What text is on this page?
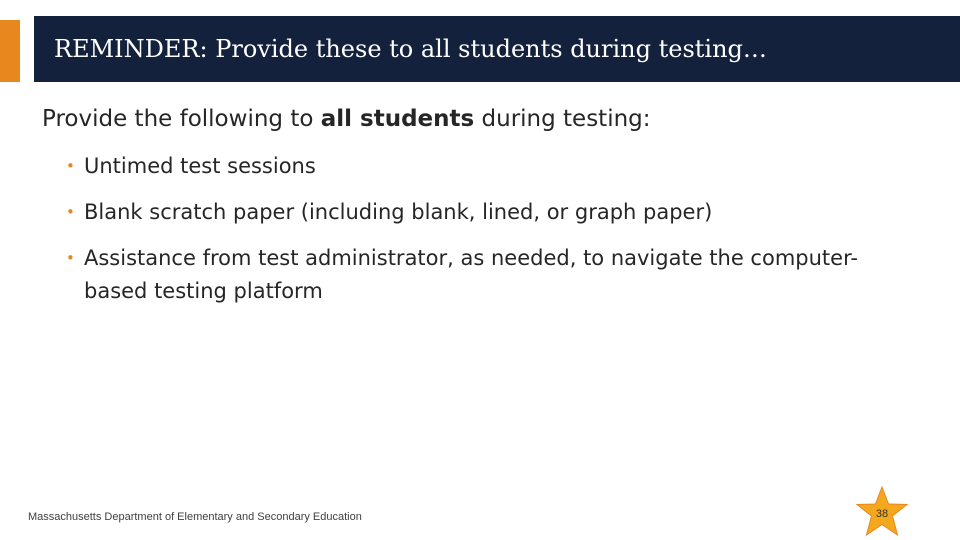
REMINDER: Provide these to all students during testing…
Provide the following to all students during testing:
• Untimed test sessions
• Blank scratch paper (including blank, lined, or graph paper)
• Assistance from test administrator, as needed, to navigate the computer-based testing platform
Massachusetts Department of Elementary and Secondary Education	38
